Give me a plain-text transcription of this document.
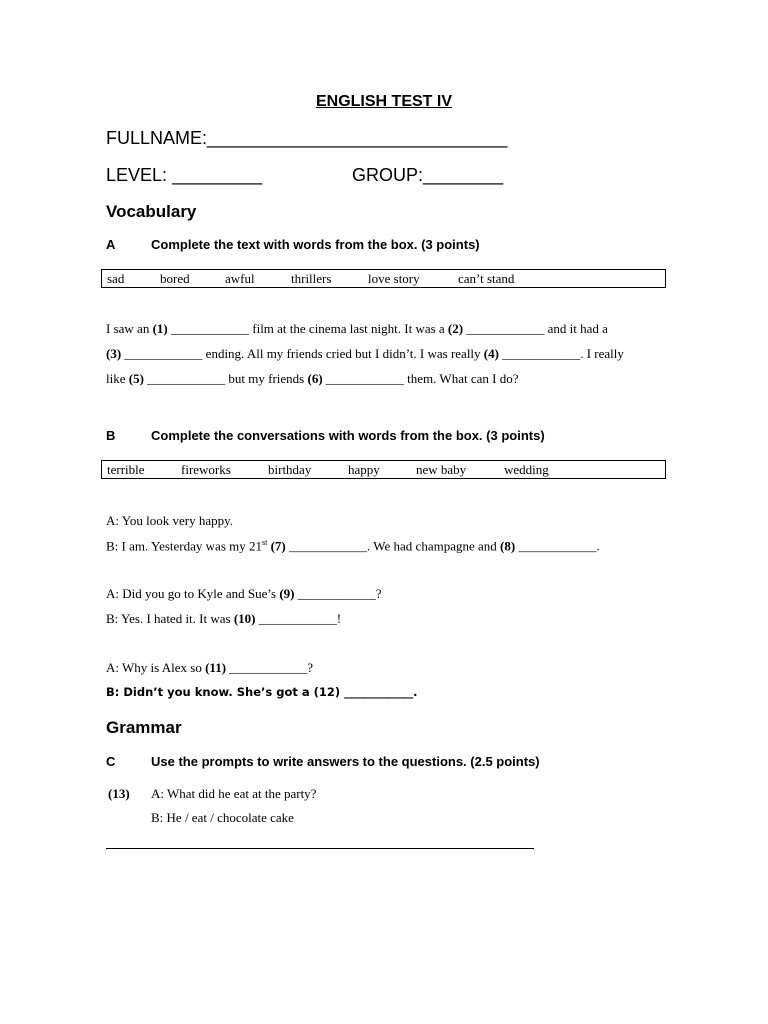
ENGLISH TEST IV
FULLNAME:______________________________
LEVEL: _________	GROUP:________
Vocabulary
A	Complete the text with words from the box. (3 points)
sad	bored	awful	thrillers	love story	can’t stand
I saw an (1) ____________ film at the cinema last night. It was a (2) ____________ and it had a
(3) ____________ ending. All my friends cried but I didn’t. I was really (4) ____________. I really
like (5) ____________ but my friends (6) ____________ them. What can I do?
B	Complete the conversations with words from the box. (3 points)
terrible	fireworks	birthday	happy	new baby	wedding
A: You look very happy.
B: I am. Yesterday was my 21st (7) ____________. We had champagne and (8) ____________.
A: Did you go to Kyle and Sue’s (9) ____________?
B: Yes. I hated it. It was (10) ____________!
A: Why is Alex so (11) ____________?
B: Didn’t you know. She’s got a (12) ____________.
Grammar
C	Use the prompts to write answers to the questions. (2.5 points)
(13) A: What did he eat at the party?
B: He / eat / chocolate cake
